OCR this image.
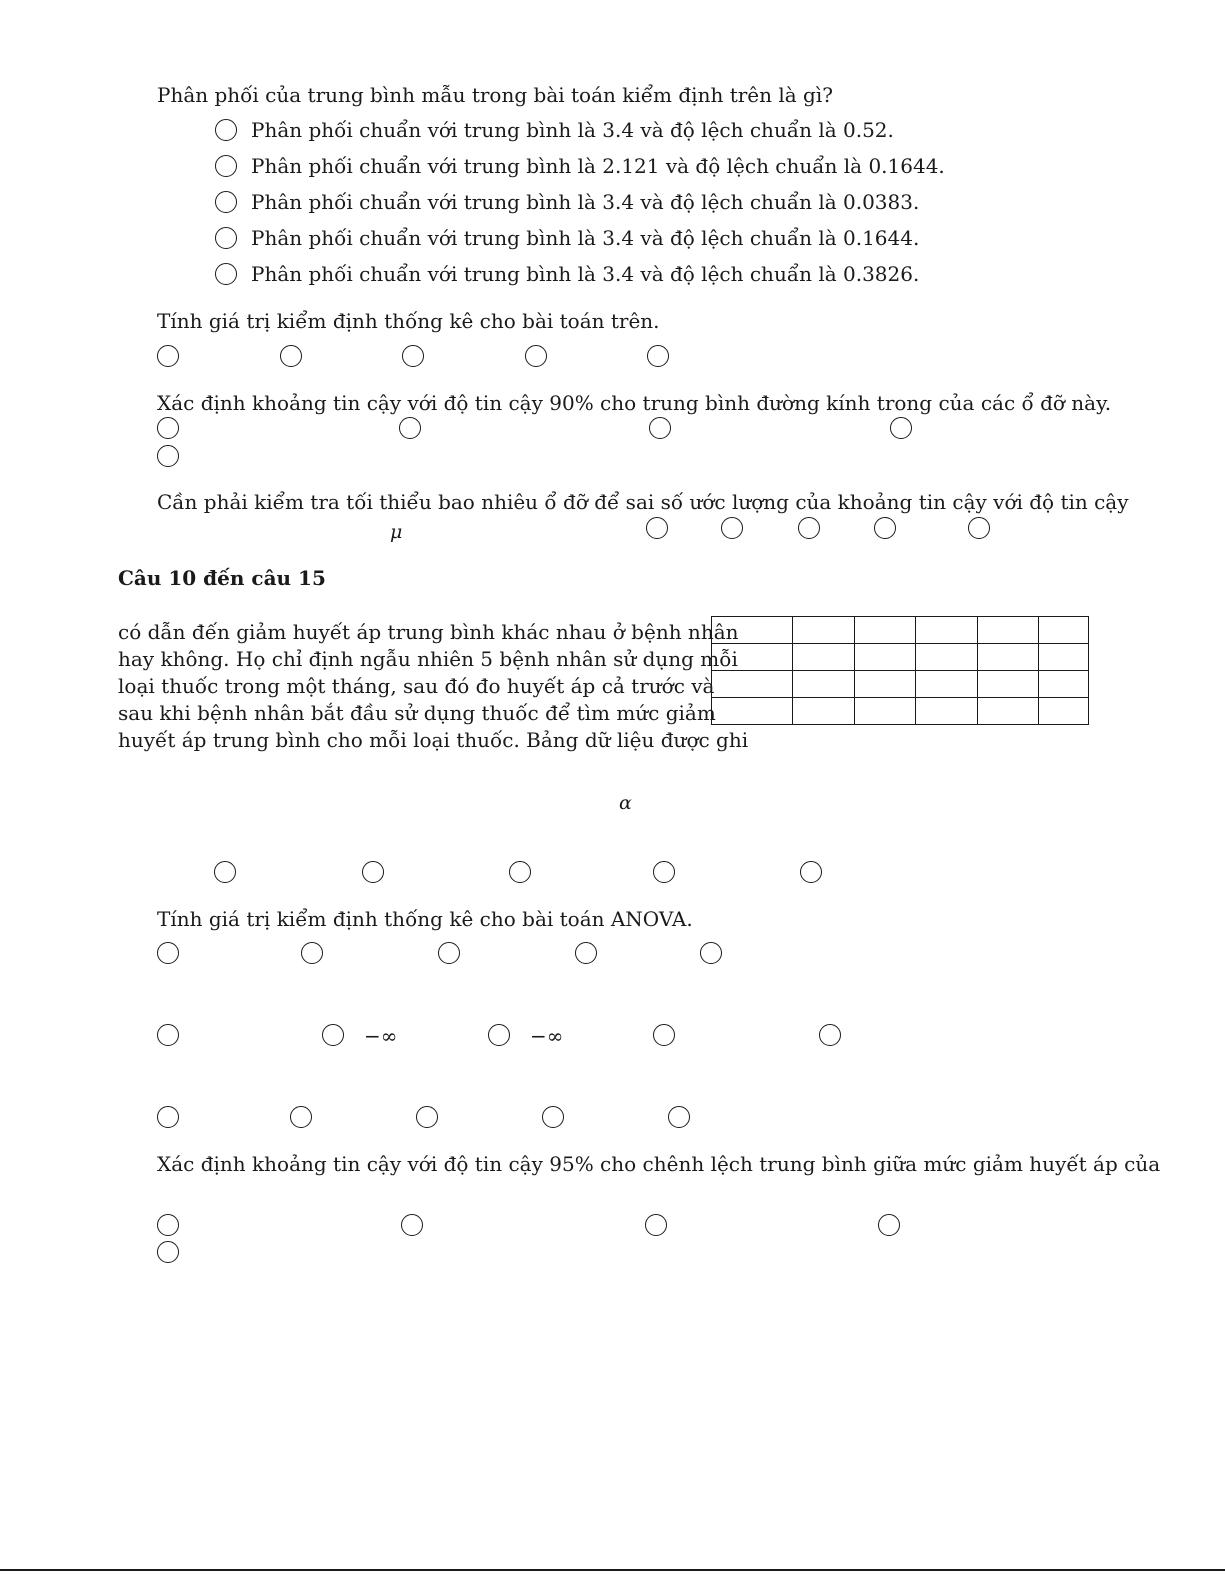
Phân phối của trung bình mẫu trong bài toán kiểm định trên là gì?
Phân phối chuẩn với trung bình là 3.4 và độ lệch chuẩn là 0.52.
Phân phối chuẩn với trung bình là 2.121 và độ lệch chuẩn là 0.1644.
Phân phối chuẩn với trung bình là 3.4 và độ lệch chuẩn là 0.0383.
Phân phối chuẩn với trung bình là 3.4 và độ lệch chuẩn là 0.1644.
Phân phối chuẩn với trung bình là 3.4 và độ lệch chuẩn là 0.3826.
Tính giá trị kiểm định thống kê cho bài toán trên.
Xác định khoảng tin cậy với độ tin cậy 90% cho trung bình đường kính trong của các ổ đỡ này.
Cần phải kiểm tra tối thiểu bao nhiêu ổ đỡ để sai số ước lượng của khoảng tin cậy với độ tin cậy
μ
Câu 10 đến câu 15
có dẫn đến giảm huyết áp trung bình khác nhau ở bệnh nhân
hay không. Họ chỉ định ngẫu nhiên 5 bệnh nhân sử dụng mỗi
loại thuốc trong một tháng, sau đó đo huyết áp cả trước và
sau khi bệnh nhân bắt đầu sử dụng thuốc để tìm mức giảm
huyết áp trung bình cho mỗi loại thuốc. Bảng dữ liệu được ghi

α
Tính giá trị kiểm định thống kê cho bài toán ANOVA.
−∞	−∞
Xác định khoảng tin cậy với độ tin cậy 95% cho chênh lệch trung bình giữa mức giảm huyết áp của
